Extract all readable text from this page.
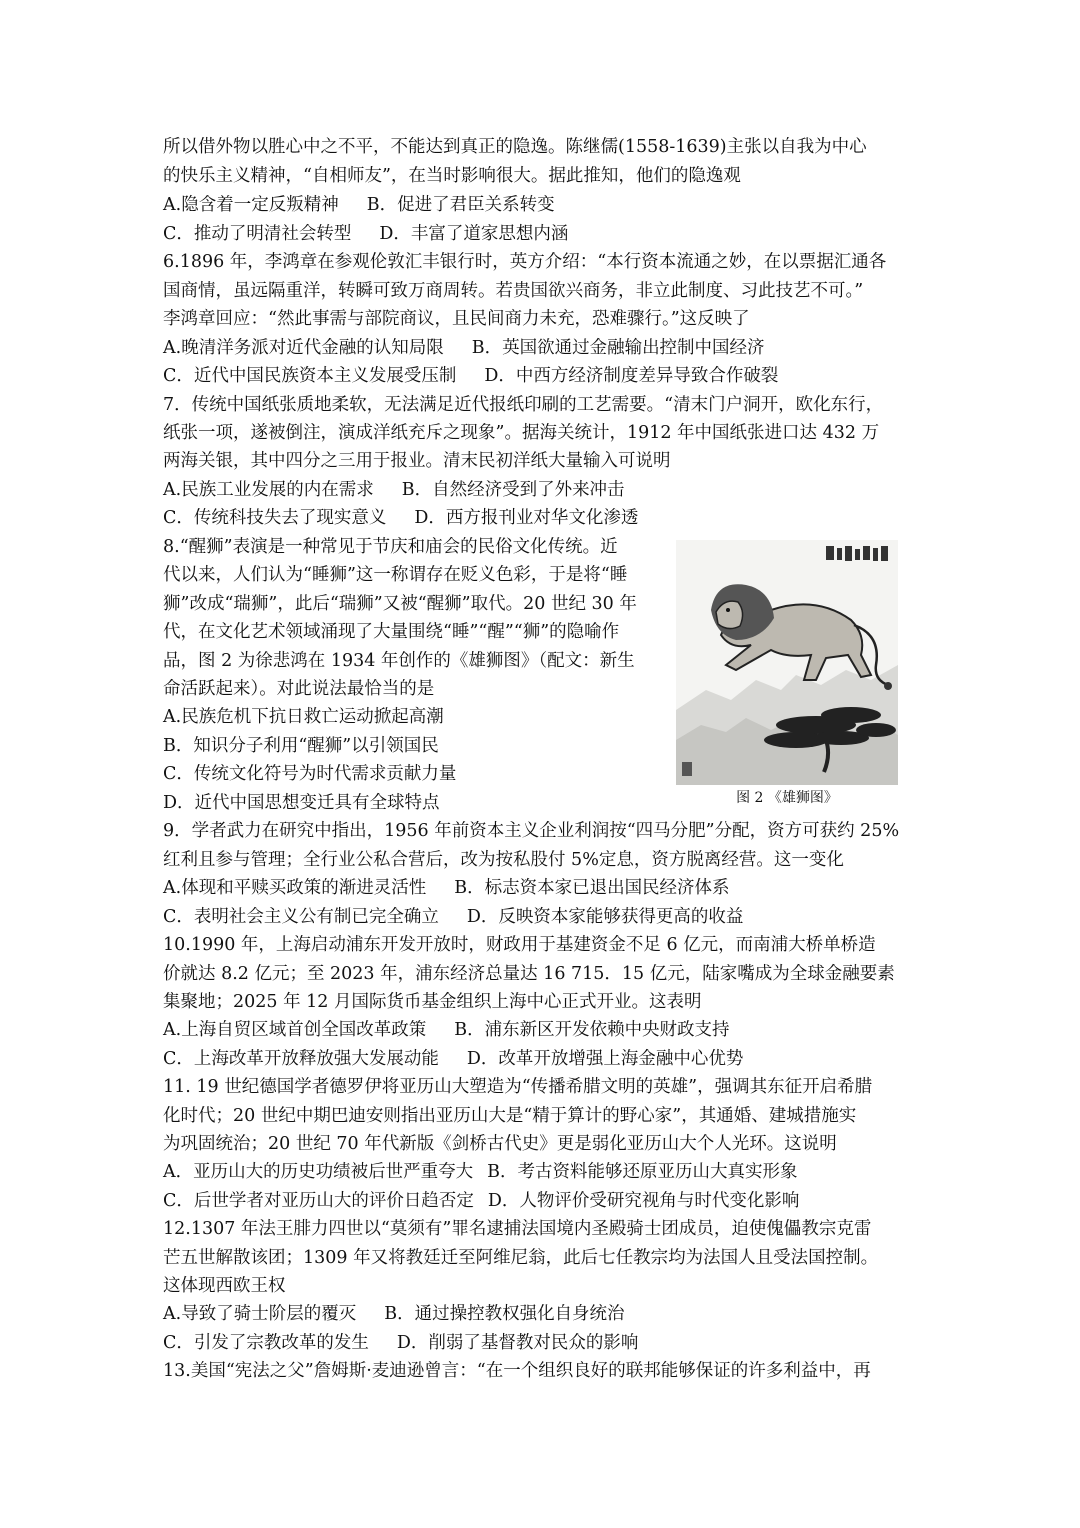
所以借外物以胜心中之不平，不能达到真正的隐逸。陈继儒(1558-1639)主张以自我为中心
的快乐主义精神，“自相师友”，在当时影响很大。据此推知，他们的隐逸观
A.隐含着一定反叛精神 B．促进了君臣关系转变
C．推动了明清社会转型 D．丰富了道家思想内涵
6.1896 年，李鸿章在参观伦敦汇丰银行时，英方介绍：“本行资本流通之妙，在以票据汇通各
国商情，虽远隔重洋，转瞬可致万商周转。若贵国欲兴商务，非立此制度、习此技艺不可。”
李鸿章回应：“然此事需与部院商议，且民间商力未充，恐难骤行。”这反映了
A.晚清洋务派对近代金融的认知局限 B．英国欲通过金融输出控制中国经济
C．近代中国民族资本主义发展受压制 D．中西方经济制度差异导致合作破裂
7．传统中国纸张质地柔软，无法满足近代报纸印刷的工艺需要。“清末门户洞开，欧化东行，
纸张一项，遂被倒注，演成洋纸充斥之现象”。据海关统计，1912 年中国纸张进口达 432 万
两海关银，其中四分之三用于报业。清末民初洋纸大量输入可说明
A.民族工业发展的内在需求 B．自然经济受到了外来冲击
C．传统科技失去了现实意义 D．西方报刊业对华文化渗透
8.“醒狮”表演是一种常见于节庆和庙会的民俗文化传统。近
代以来，人们认为“睡狮”这一称谓存在贬义色彩，于是将“睡
狮”改成“瑞狮”，此后“瑞狮”又被“醒狮”取代。20 世纪 30 年
代，在文化艺术领域涌现了大量围绕“睡”“醒”“狮”的隐喻作
品，图 2 为徐悲鸿在 1934 年创作的《雄狮图》（配文：新生
命活跃起来）。对此说法最恰当的是
A.民族危机下抗日救亡运动掀起高潮
B．知识分子利用“醒狮”以引领国民
C．传统文化符号为时代需求贡献力量
D．近代中国思想变迁具有全球特点	图 2 《雄狮图》
9．学者武力在研究中指出，1956 年前资本主义企业利润按“四马分肥”分配，资方可获约 25%
红利且参与管理；全行业公私合营后，改为按私股付 5%定息，资方脱离经营。这一变化
A.体现和平赎买政策的渐进灵活性 B．标志资本家已退出国民经济体系
C．表明社会主义公有制已完全确立 D．反映资本家能够获得更高的收益
10.1990 年，上海启动浦东开发开放时，财政用于基建资金不足 6 亿元，而南浦大桥单桥造
价就达 8.2 亿元；至 2023 年，浦东经济总量达 16 715．15 亿元，陆家嘴成为全球金融要素
集聚地；2025 年 12 月国际货币基金组织上海中心正式开业。这表明
A.上海自贸区域首创全国改革政策 B．浦东新区开发依赖中央财政支持
C．上海改革开放释放强大发展动能 D．改革开放增强上海金融中心优势
11. 19 世纪德国学者德罗伊将亚历山大塑造为“传播希腊文明的英雄”，强调其东征开启希腊
化时代；20 世纪中期巴迪安则指出亚历山大是“精于算计的野心家”，其通婚、建城措施实
为巩固统治；20 世纪 70 年代新版《剑桥古代史》更是弱化亚历山大个人光环。这说明
A．亚历山大的历史功绩被后世严重夸大 B．考古资料能够还原亚历山大真实形象
C．后世学者对亚历山大的评价日趋否定 D．人物评价受研究视角与时代变化影响
12.1307 年法王腓力四世以“莫须有”罪名逮捕法国境内圣殿骑士团成员，迫使傀儡教宗克雷
芒五世解散该团；1309 年又将教廷迁至阿维尼翁，此后七任教宗均为法国人且受法国控制。
这体现西欧王权
A.导致了骑士阶层的覆灭 B．通过操控教权强化自身统治
C．引发了宗教改革的发生 D．削弱了基督教对民众的影响
13.美国“宪法之父”詹姆斯·麦迪逊曾言：“在一个组织良好的联邦能够保证的许多利益中，再
